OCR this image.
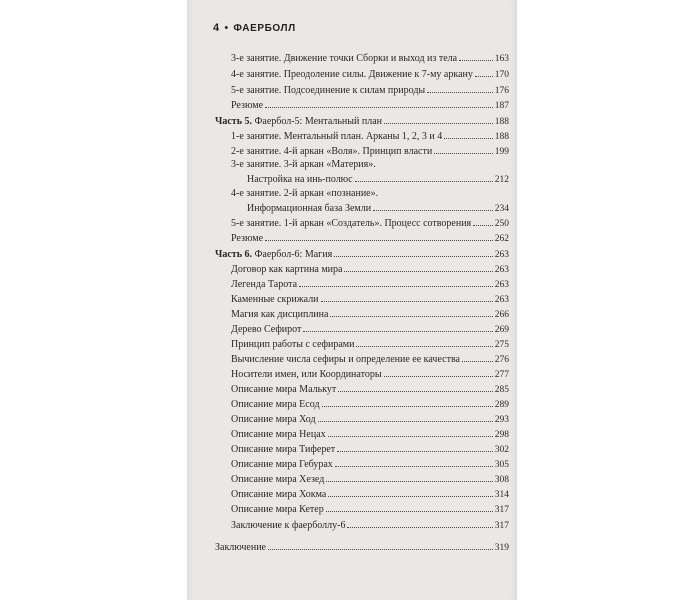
4 • ФАЕРБОЛЛ
3-е занятие. Движение точки Сборки и выход из тела	163
4-е занятие. Преодоление силы. Движение к 7-му аркану 170
5-е занятие. Подсоединение к силам природы	176
Резюме	187
Часть 5. Фаербол-5: Ментальный план	188
1-е занятие. Ментальный план. Арканы 1, 2, 3 и 4	188
2-е занятие. 4-й аркан «Воля». Принцип власти	199
3-е занятие. 3-й аркан «Материя».
Настройка на инь-полюс	212
4-е занятие. 2-й аркан «познание».
Информационная база Земли	234
5-е занятие. 1-й аркан «Создатель». Процесс сотворения 250
Резюме	262
Часть 6. Фаербол-6: Магия	263
Договор как картина мира	263
Легенда Тарота	263
Каменные скрижали	263
Магия как дисциплина	266
Дерево Сефирот	269
Принцип работы с сефирами	275
Вычисление числа сефиры и определение ее качества	276
Носители имен, или Координаторы	277
Описание мира Малькут	285
Описание мира Есод	289
Описание мира Ход	293
Описание мира Нецах	298
Описание мира Тиферет	302
Описание мира Гебурах	305
Описание мира Хезед	308
Описание мира Хокма	314
Описание мира Кетер	317
Заключение к фаерболлу-6	317
Заключение	319
